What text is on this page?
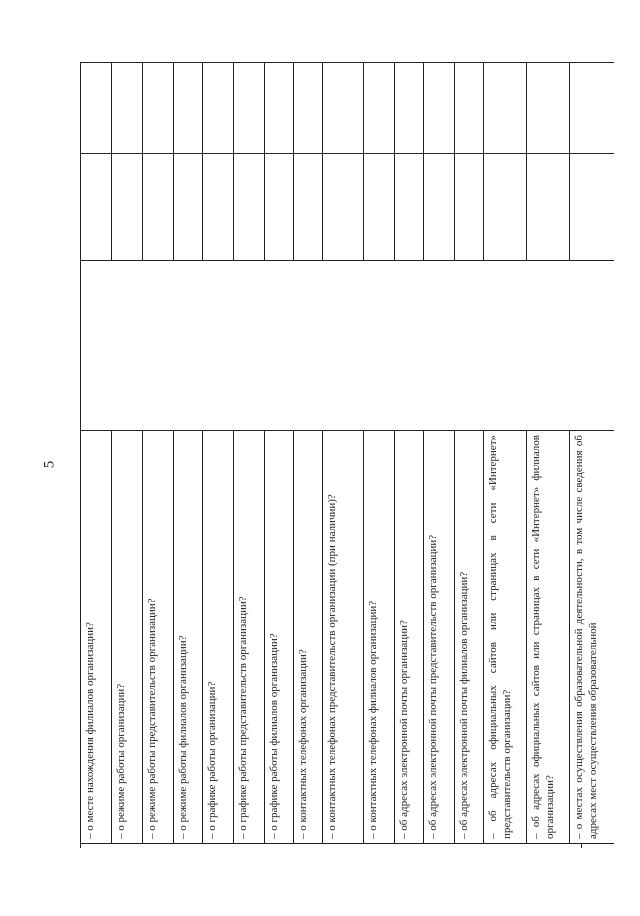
5
– о месте нахождения филиалов организации?			
– о режиме работы организации?			
– о режиме работы представительств организации?			
– о режиме работы филиалов организации?			
– о графике работы организации?			
– о графике работы представительств организации?			
– о графике работы филиалов организации?			
– о контактных телефонах организации?			
– о контактных телефонах представительств организации (при наличии)?			
– о контактных телефонах филиалов организации?			
– об адресах электронной почты организации?			
– об адресах электронной почты представительств организации?			
– об адресах электронной почты филиалов организации?			
– об адресах официальных сайтов или страницах в сети «Интернет» представительств организации?			
– об адресах официальных сайтов или страницах в сети «Интернет» филиалов организации?			
– о местах осуществления образовательной деятельности, в том числе сведения об адресах мест осуществления образовательной			
